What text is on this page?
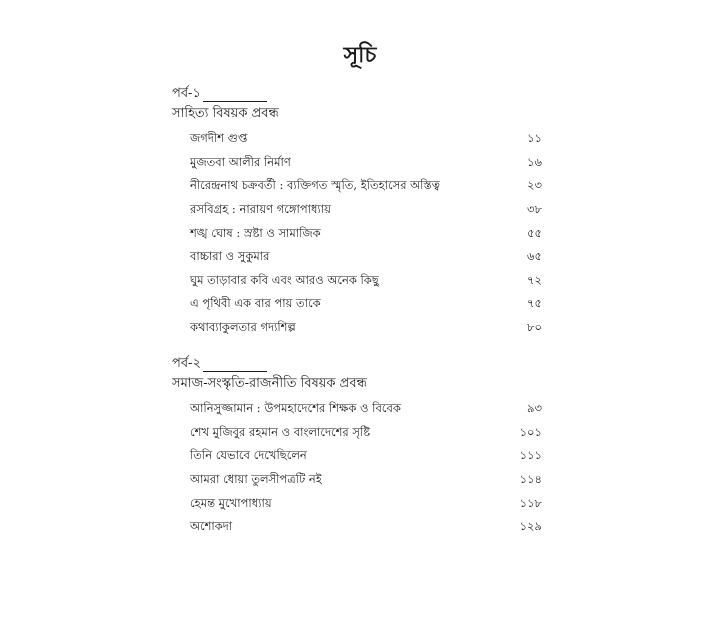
সূচি
পর্ব-১
সাহিত্য বিষয়ক প্রবন্ধ
জগদীশ গুপ্ত	১১
মুজতবা আলীর নির্মাণ	১৬
নীরেন্দ্রনাথ চক্রবর্তী : ব্যক্তিগত স্মৃতি, ইতিহাসের অস্তিত্ব	২৩
রসবিগ্রহ : নারায়ণ গঙ্গোপাধ্যায়	৩৮
শঙ্খ ঘোষ : স্রষ্টা ও সামাজিক	৫৫
বাচ্চারা ও সুকুমার	৬৫
ঘুম তাড়াবার কবি এবং আরও অনেক কিছু	৭২
এ পৃথিবী এক বার পায় তাকে	৭৫
কথাব্যাকুলতার গদ্যশিল্প	৮০
পর্ব-২
সমাজ-সংস্কৃতি-রাজনীতি বিষয়ক প্রবন্ধ
আনিসুজ্জামান : উপমহাদেশের শিক্ষক ও বিবেক	৯৩
শেখ মুজিবুর রহমান ও বাংলাদেশের সৃষ্টি	১০১
তিনি যেভাবে দেখেছিলেন	১১১
আমরা ধোয়া তুলসীপত্রটি নই	১১৪
হেমন্ত মুখোপাধ্যায়	১১৮
অশোকদা	১২৯
